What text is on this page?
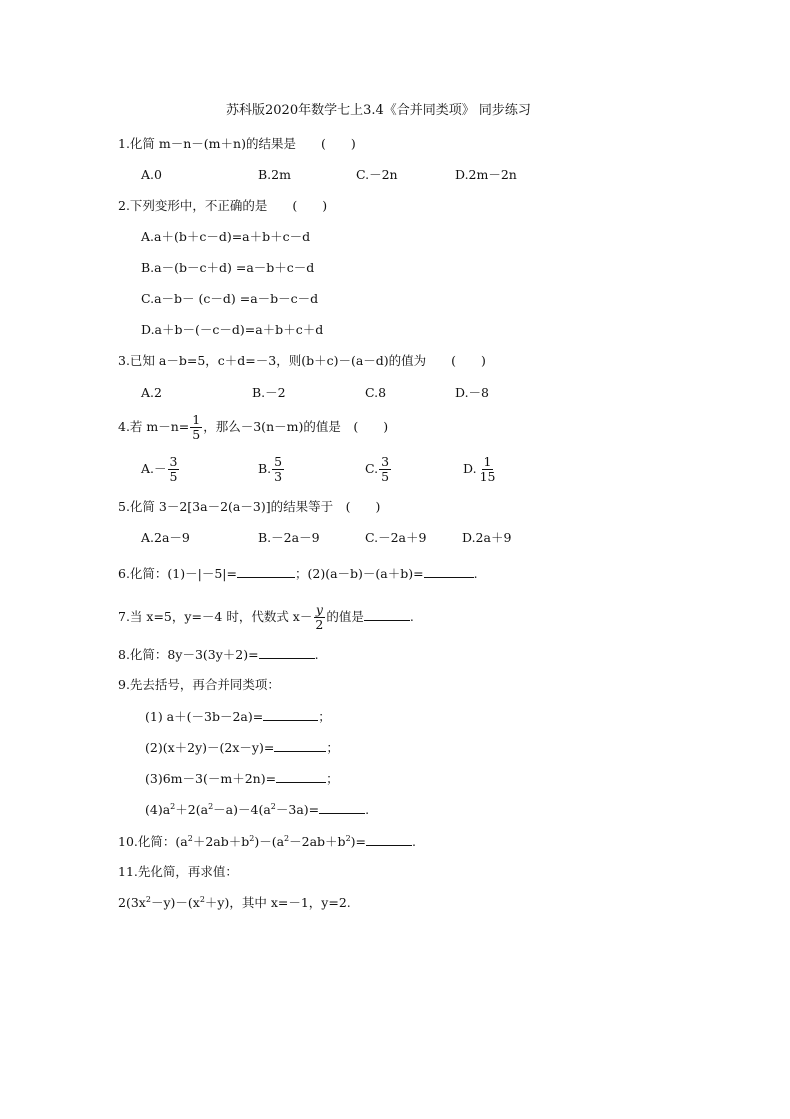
苏科版2020年数学七上3.4《合并同类项》 同步练习
1.化简 m－n－(m＋n)的结果是　　(　　)
A.0	B.2m	C.－2n	D.2m－2n
2.下列变形中，不正确的是　　(　　)
A.a＋(b＋c－d)=a＋b＋c－d
B.a－(b－c＋d) =a－b＋c－d
C.a－b－ (c－d) =a－b－c－d
D.a＋b－(－c－d)=a＋b＋c＋d
3.已知 a－b=5，c＋d=－3，则(b＋c)－(a－d)的值为　　(　　)
A.2	B.－2	C.8	D.－8
4.若 $m-n= \frac{1}{5}$ ，那么－3(n－m)的值是　(　　)
$A.- \frac{3}{5}$	B. $\frac{5}{3}$	C. $\frac{3}{5}$	D. $\frac{1}{15}$
5.化简 3－2[3a－2(a－3)]的结果等于　(　　)
A.2a－9	B.－2a－9	C.－2a＋9	D.2a＋9
6.化简：(1)－|－5|=	；(2)(a－b)－(a＋b)=	.
7.当 x=5，y=－4 时，代数式 $x- \frac{y}{2}$ 的值是	.
8.化简：8y－3(3y＋2)=	.
9.先去括号，再合并同类项：
(1) a＋(－3b－2a)=	；
(2)(x＋2y)－(2x－y)=	；
(3)6m－3(－m＋2n)=	；
$(4)a^2+2(a^2-a)-4(a^2-3a)=$	.
10.化简：$(a^2+2ab+b^2)-(a^2-2ab+b^2)=$	.
11.先化简，再求值：
$2(3x^2-y)-(x^2+y)$，其中 x=－1，y=2.
